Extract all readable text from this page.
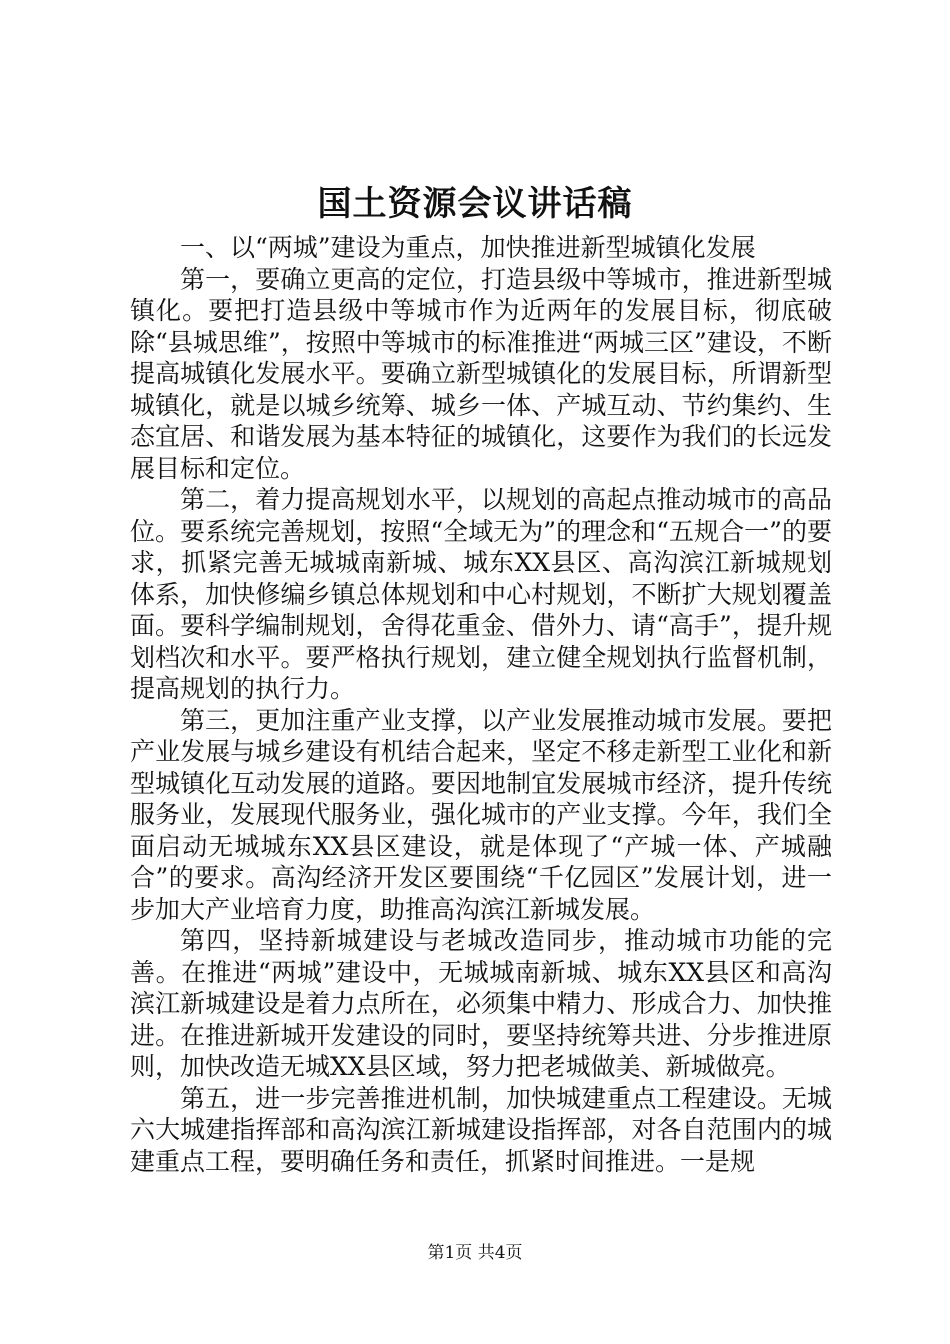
国土资源会议讲话稿

一、以“两城”建设为重点，加快推进新型城镇化发展

第一，要确立更高的定位，打造县级中等城市，推进新型城镇化。要把打造县级中等城市作为近两年的发展目标，彻底破除“县城思维”，按照中等城市的标准推进“两城三区”建设，不断提高城镇化发展水平。要确立新型城镇化的发展目标，所谓新型城镇化，就是以城乡统筹、城乡一体、产城互动、节约集约、生态宜居、和谐发展为基本特征的城镇化，这要作为我们的长远发展目标和定位。

第二，着力提高规划水平，以规划的高起点推动城市的高品位。要系统完善规划，按照“全域无为”的理念和“五规合一”的要求，抓紧完善无城城南新城、城东XX县区、高沟滨江新城规划体系，加快修编乡镇总体规划和中心村规划，不断扩大规划覆盖面。要科学编制规划，舍得花重金、借外力、请“高手”，提升规划档次和水平。要严格执行规划，建立健全规划执行监督机制，提高规划的执行力。

第三，更加注重产业支撑，以产业发展推动城市发展。要把产业发展与城乡建设有机结合起来，坚定不移走新型工业化和新型城镇化互动发展的道路。要因地制宜发展城市经济，提升传统服务业，发展现代服务业，强化城市的产业支撑。今年，我们全面启动无城城东XX县区建设，就是体现了“产城一体、产城融合”的要求。高沟经济开发区要围绕“千亿园区”发展计划，进一步加大产业培育力度，助推高沟滨江新城发展。

第四，坚持新城建设与老城改造同步，推动城市功能的完善。在推进“两城”建设中，无城城南新城、城东XX县区和高沟滨江新城建设是着力点所在，必须集中精力、形成合力、加快推进。在推进新城开发建设的同时，要坚持统筹共进、分步推进原则，加快改造无城XX县区域，努力把老城做美、新城做亮。

第五，进一步完善推进机制，加快城建重点工程建设。无城六大城建指挥部和高沟滨江新城建设指挥部，对各自范围内的城建重点工程，要明确任务和责任，抓紧时间推进。一是规

第1页 共4页
